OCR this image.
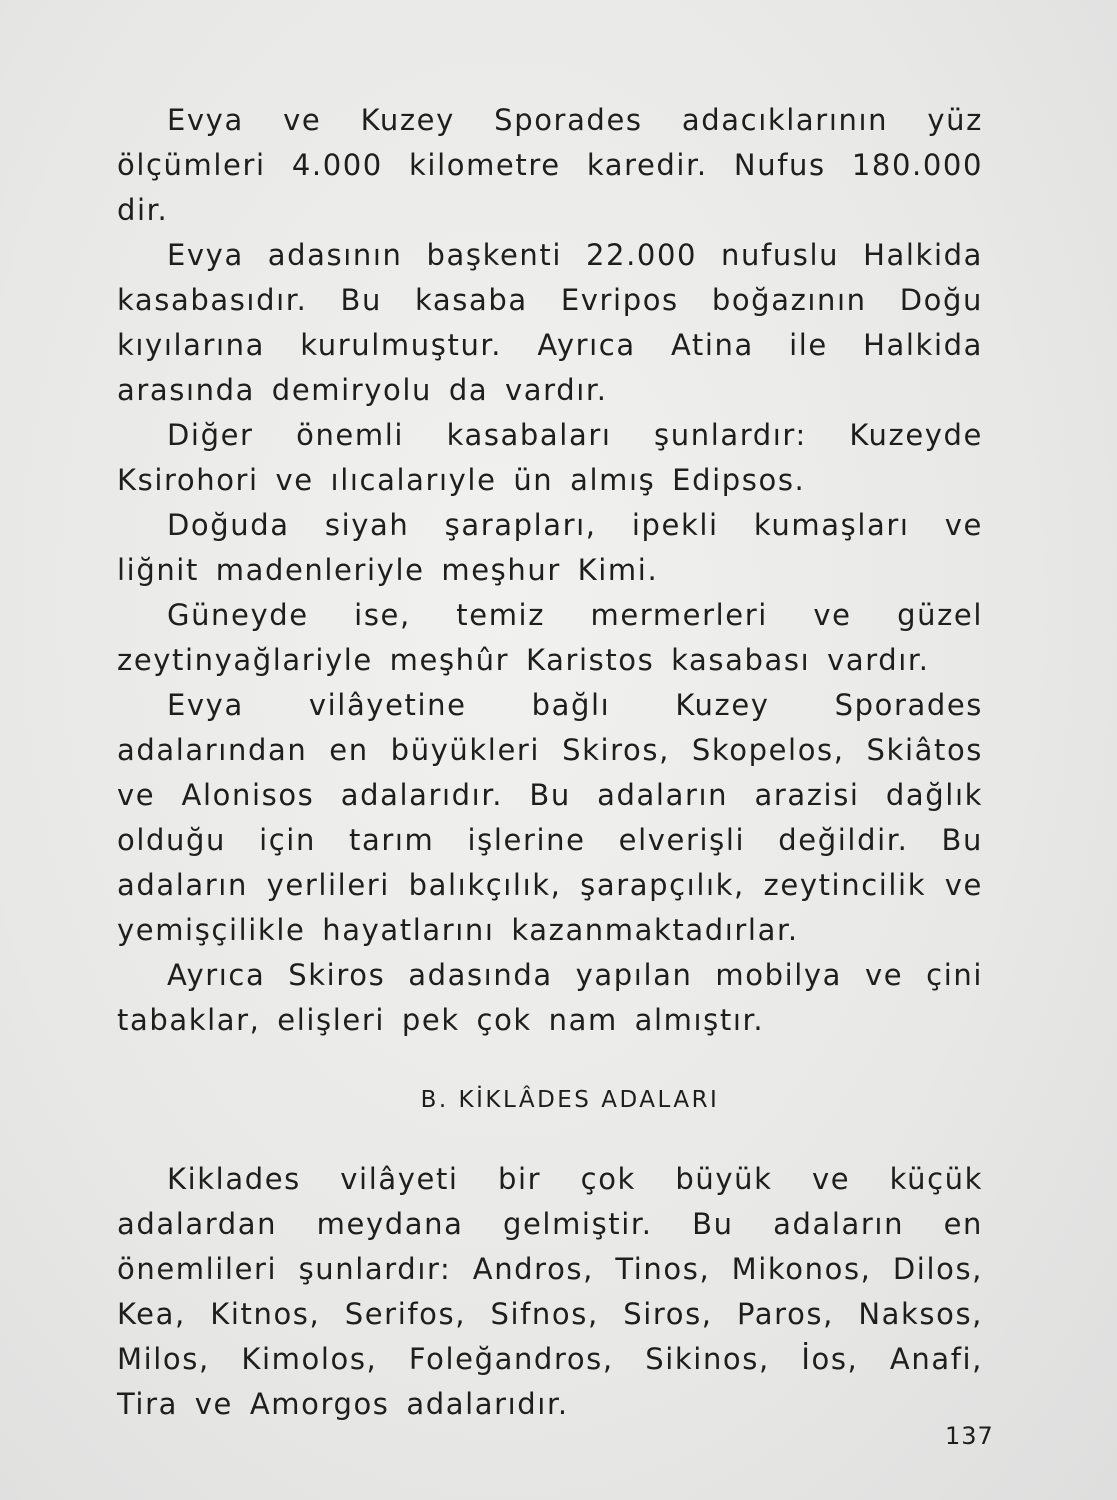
Evya ve Kuzey Sporades adacıklarının yüz ölçümleri 4.000 kilometre karedir. Nufus 180.000 dir.

Evya adasının başkenti 22.000 nufuslu Halkida kasabasıdır. Bu kasaba Evripos boğazının Doğu kıyılarına kurulmuştur. Ayrıca Atina ile Halkida arasında demiryolu da vardır.

Diğer önemli kasabaları şunlardır: Kuzeyde Ksirohori ve ılıcalarıyle ün almış Edipsos.

Doğuda siyah şarapları, ipekli kumaşları ve liğnit madenleriyle meşhur Kimi.

Güneyde ise, temiz mermerleri ve güzel zeytinyağlariyle meşhûr Karistos kasabası vardır.

Evya vilâyetine bağlı Kuzey Sporades adalarından en büyükleri Skiros, Skopelos, Skiâtos ve Alonisos adalarıdır. Bu adaların arazisi dağlık olduğu için tarım işlerine elverişli değildir. Bu adaların yerlileri balıkçılık, şarapçılık, zeytincilik ve yemişçilikle hayatlarını kazanmaktadırlar.

Ayrıca Skiros adasında yapılan mobilya ve çini tabaklar, elişleri pek çok nam almıştır.

B. KİKLÂDES ADALARI

Kiklades vilâyeti bir çok büyük ve küçük adalardan meydana gelmiştir. Bu adaların en önemlileri şunlardır: Andros, Tinos, Mikonos, Dilos, Kea, Kitnos, Serifos, Sifnos, Siros, Paros, Naksos, Milos, Kimolos, Foleğandros, Sikinos, İos, Anafi, Tira ve Amorgos adalarıdır.

137
